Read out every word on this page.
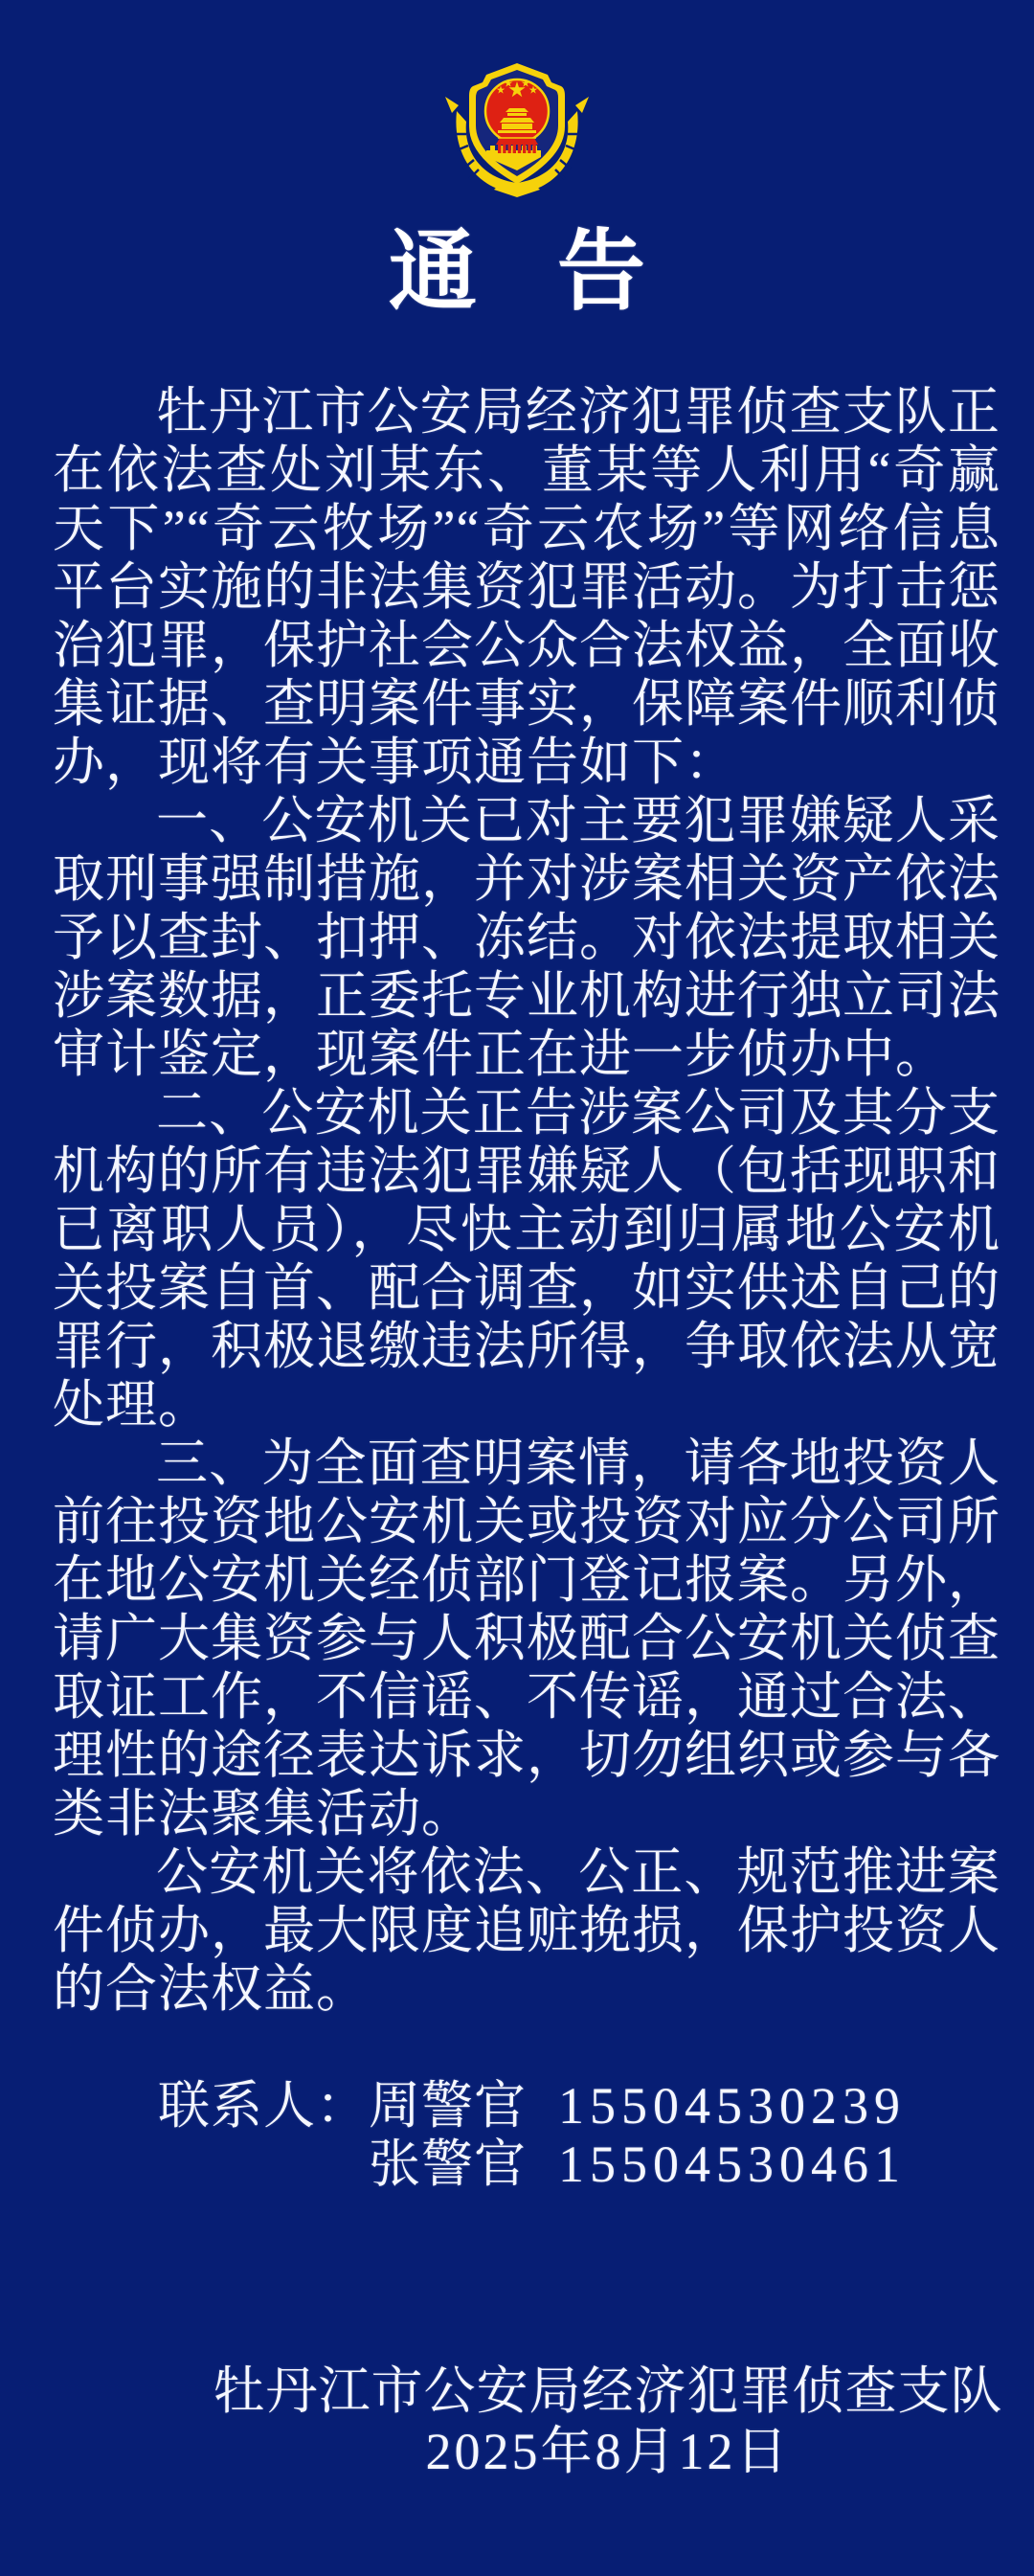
通 告

牡丹江市公安局经济犯罪侦查支队正在依法查处刘某东、董某等人利用“奇赢天下”“奇云牧场”“奇云农场”等网络信息平台实施的非法集资犯罪活动。为打击惩治犯罪，保护社会公众合法权益，全面收集证据、查明案件事实，保障案件顺利侦办，现将有关事项通告如下：

一、公安机关已对主要犯罪嫌疑人采取刑事强制措施，并对涉案相关资产依法予以查封、扣押、冻结。对依法提取相关涉案数据，正委托专业机构进行独立司法审计鉴定，现案件正在进一步侦办中。

二、公安机关正告涉案公司及其分支机构的所有违法犯罪嫌疑人（包括现职和已离职人员），尽快主动到归属地公安机关投案自首、配合调查，如实供述自己的罪行，积极退缴违法所得，争取依法从宽处理。

三、为全面查明案情，请各地投资人前往投资地公安机关或投资对应分公司所在地公安机关经侦部门登记报案。另外，请广大集资参与人积极配合公安机关侦查取证工作，不信谣、不传谣，通过合法、理性的途径表达诉求，切勿组织或参与各类非法聚集活动。

公安机关将依法、公正、规范推进案件侦办，最大限度追赃挽损，保护投资人的合法权益。

联系人：周警官 15504530239
张警官 15504530461
牡丹江市公安局经济犯罪侦查支队
2025年8月12日
